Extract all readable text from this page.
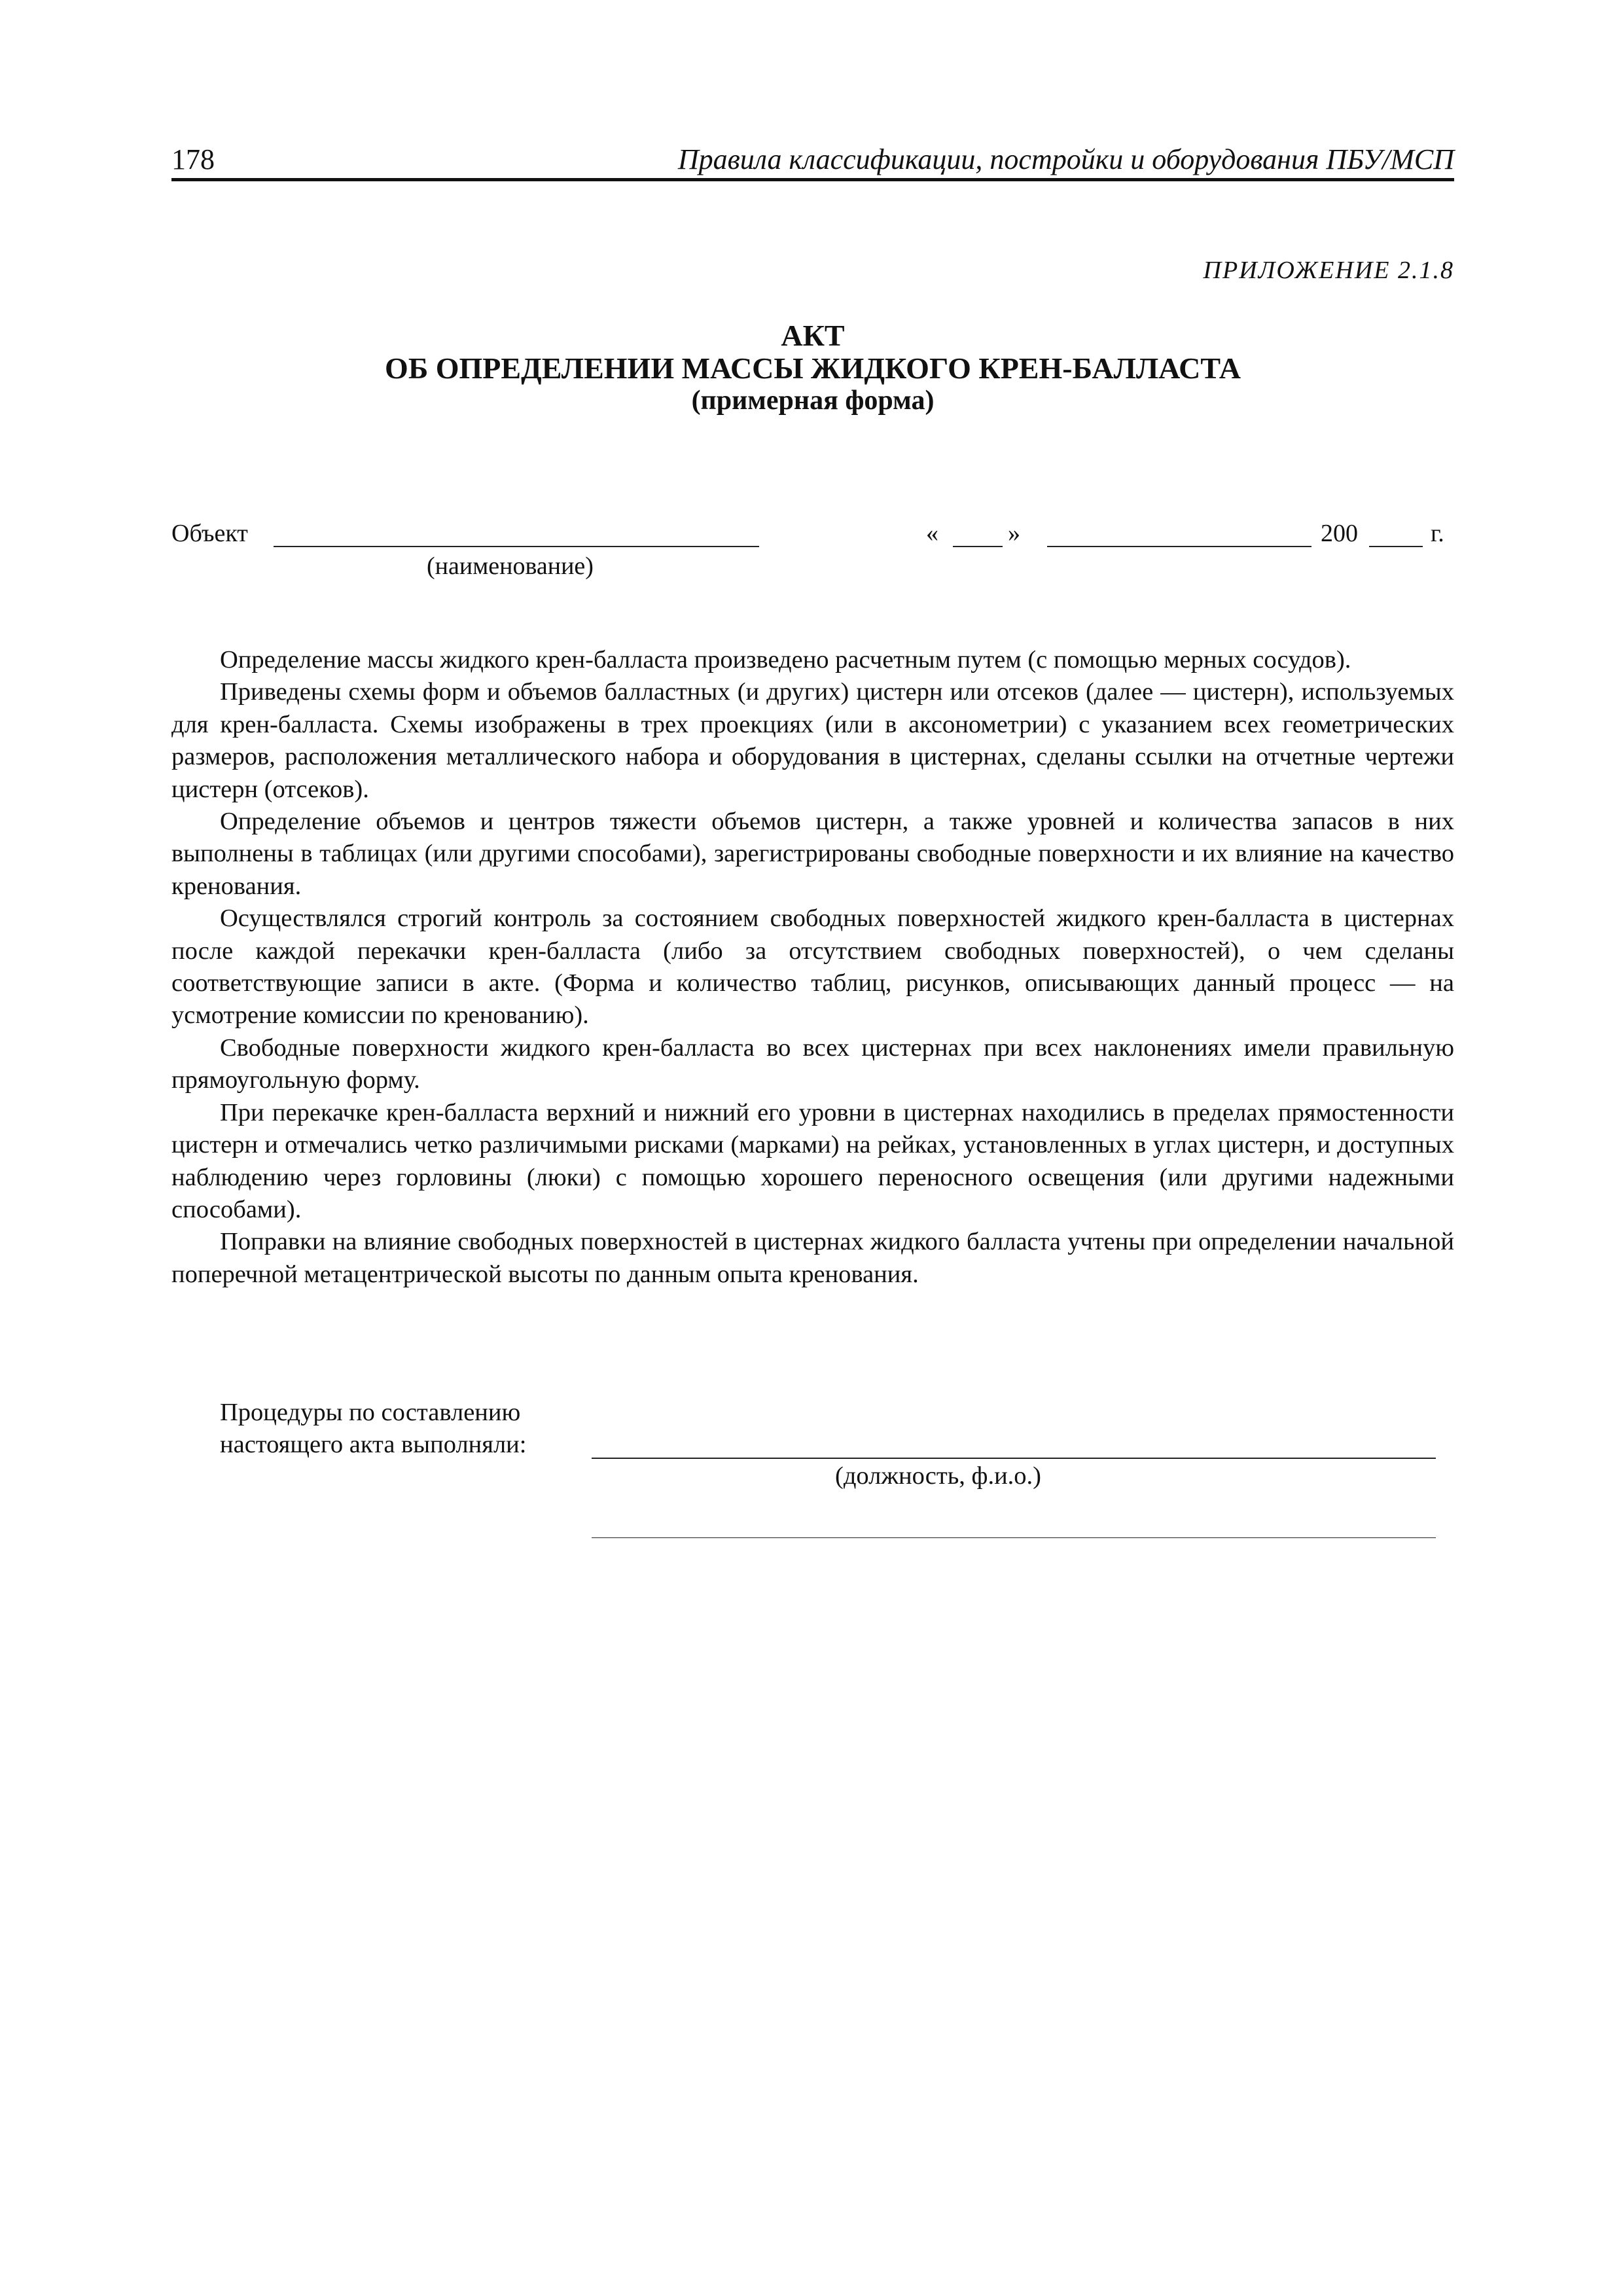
178	Правила классификации, постройки и оборудования ПБУ/МСП
ПРИЛОЖЕНИЕ 2.1.8
АКТ
ОБ ОПРЕДЕЛЕНИИ МАССЫ ЖИДКОГО КРЕН-БАЛЛАСТА
(примерная форма)
Объект	«	»	200	г.
(наименование)

Определение массы жидкого крен-балласта произведено расчетным путем (с помощью мерных сосудов).

Приведены схемы форм и объемов балластных (и других) цистерн или отсеков (далее — цистерн), используемых для крен-балласта. Схемы изображены в трех проекциях (или в аксонометрии) с указанием всех геометрических размеров, расположения металлического набора и оборудования в цистернах, сделаны ссылки на отчетные чертежи цистерн (отсеков).

Определение объемов и центров тяжести объемов цистерн, а также уровней и количества запасов в них выполнены в таблицах (или другими способами), зарегистрированы свободные поверхности и их влияние на качество кренования.

Осуществлялся строгий контроль за состоянием свободных поверхностей жидкого крен-балласта в цистернах после каждой перекачки крен-балласта (либо за отсутствием свободных поверхностей), о чем сделаны соответствующие записи в акте. (Форма и количество таблиц, рисунков, описывающих данный процесс — на усмотрение комиссии по кренованию).

Свободные поверхности жидкого крен-балласта во всех цистернах при всех наклонениях имели правильную прямоугольную форму.

При перекачке крен-балласта верхний и нижний его уровни в цистернах находились в пределах прямостенности цистерн и отмечались четко различимыми рисками (марками) на рейках, установленных в углах цистерн, и доступных наблюдению через горловины (люки) с помощью хорошего переносного освещения (или другими надежными способами).

Поправки на влияние свободных поверхностей в цистернах жидкого балласта учтены при определении начальной поперечной метацентрической высоты по данным опыта кренования.

Процедуры по составлению
настоящего акта выполняли:
(должность, ф.и.о.)
